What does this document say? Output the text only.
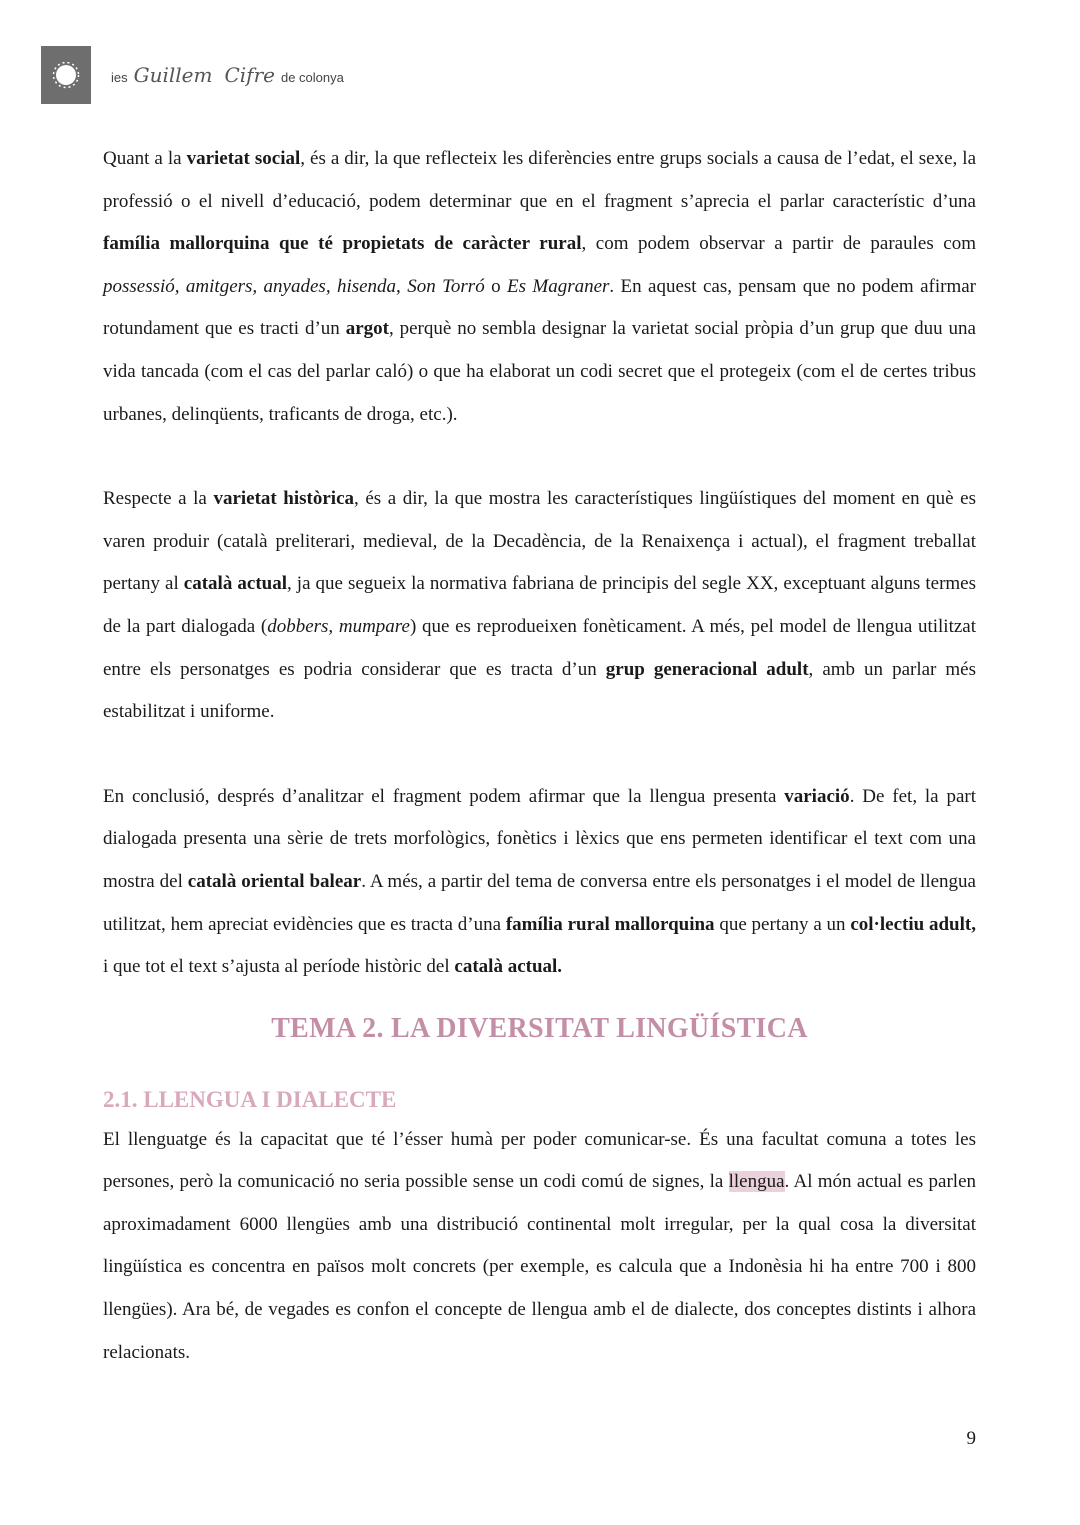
ies Guillem Cifre de colonya

Quant a la varietat social, és a dir, la que reflecteix les diferències entre grups socials a causa de l’edat, el sexe, la professió o el nivell d’educació, podem determinar que en el fragment s’aprecia el parlar característic d’una família mallorquina que té propietats de caràcter rural, com podem observar a partir de paraules com possessió, amitgers, anyades, hisenda, Son Torró o Es Magraner. En aquest cas, pensam que no podem afirmar rotundament que es tracti d’un argot, perquè no sembla designar la varietat social pròpia d’un grup que duu una vida tancada (com el cas del parlar caló) o que ha elaborat un codi secret que el protegeix (com el de certes tribus urbanes, delinqüents, traficants de droga, etc.).

Respecte a la varietat històrica, és a dir, la que mostra les característiques lingüístiques del moment en què es varen produir (català preliterari, medieval, de la Decadència, de la Renaixença i actual), el fragment treballat pertany al català actual, ja que segueix la normativa fabriana de principis del segle XX, exceptuant alguns termes de la part dialogada (dobbers, mumpare) que es reprodueixen fonèticament. A més, pel model de llengua utilitzat entre els personatges es podria considerar que es tracta d’un grup generacional adult, amb un parlar més estabilitzat i uniforme.

En conclusió, després d’analitzar el fragment podem afirmar que la llengua presenta variació. De fet, la part dialogada presenta una sèrie de trets morfològics, fonètics i lèxics que ens permeten identificar el text com una mostra del català oriental balear. A més, a partir del tema de conversa entre els personatges i el model de llengua utilitzat, hem apreciat evidències que es tracta d’una família rural mallorquina que pertany a un col·lectiu adult, i que tot el text s’ajusta al període històric del català actual.

TEMA 2. LA DIVERSITAT LINGÜÍSTICA
2.1. LLENGUA I DIALECTE

El llenguatge és la capacitat que té l’ésser humà per poder comunicar-se. És una facultat comuna a totes les persones, però la comunicació no seria possible sense un codi comú de signes, la llengua. Al món actual es parlen aproximadament 6000 llengües amb una distribució continental molt irregular, per la qual cosa la diversitat lingüística es concentra en països molt concrets (per exemple, es calcula que a Indonèsia hi ha entre 700 i 800 llengües). Ara bé, de vegades es confon el concepte de llengua amb el de dialecte, dos conceptes distints i alhora relacionats.

9
